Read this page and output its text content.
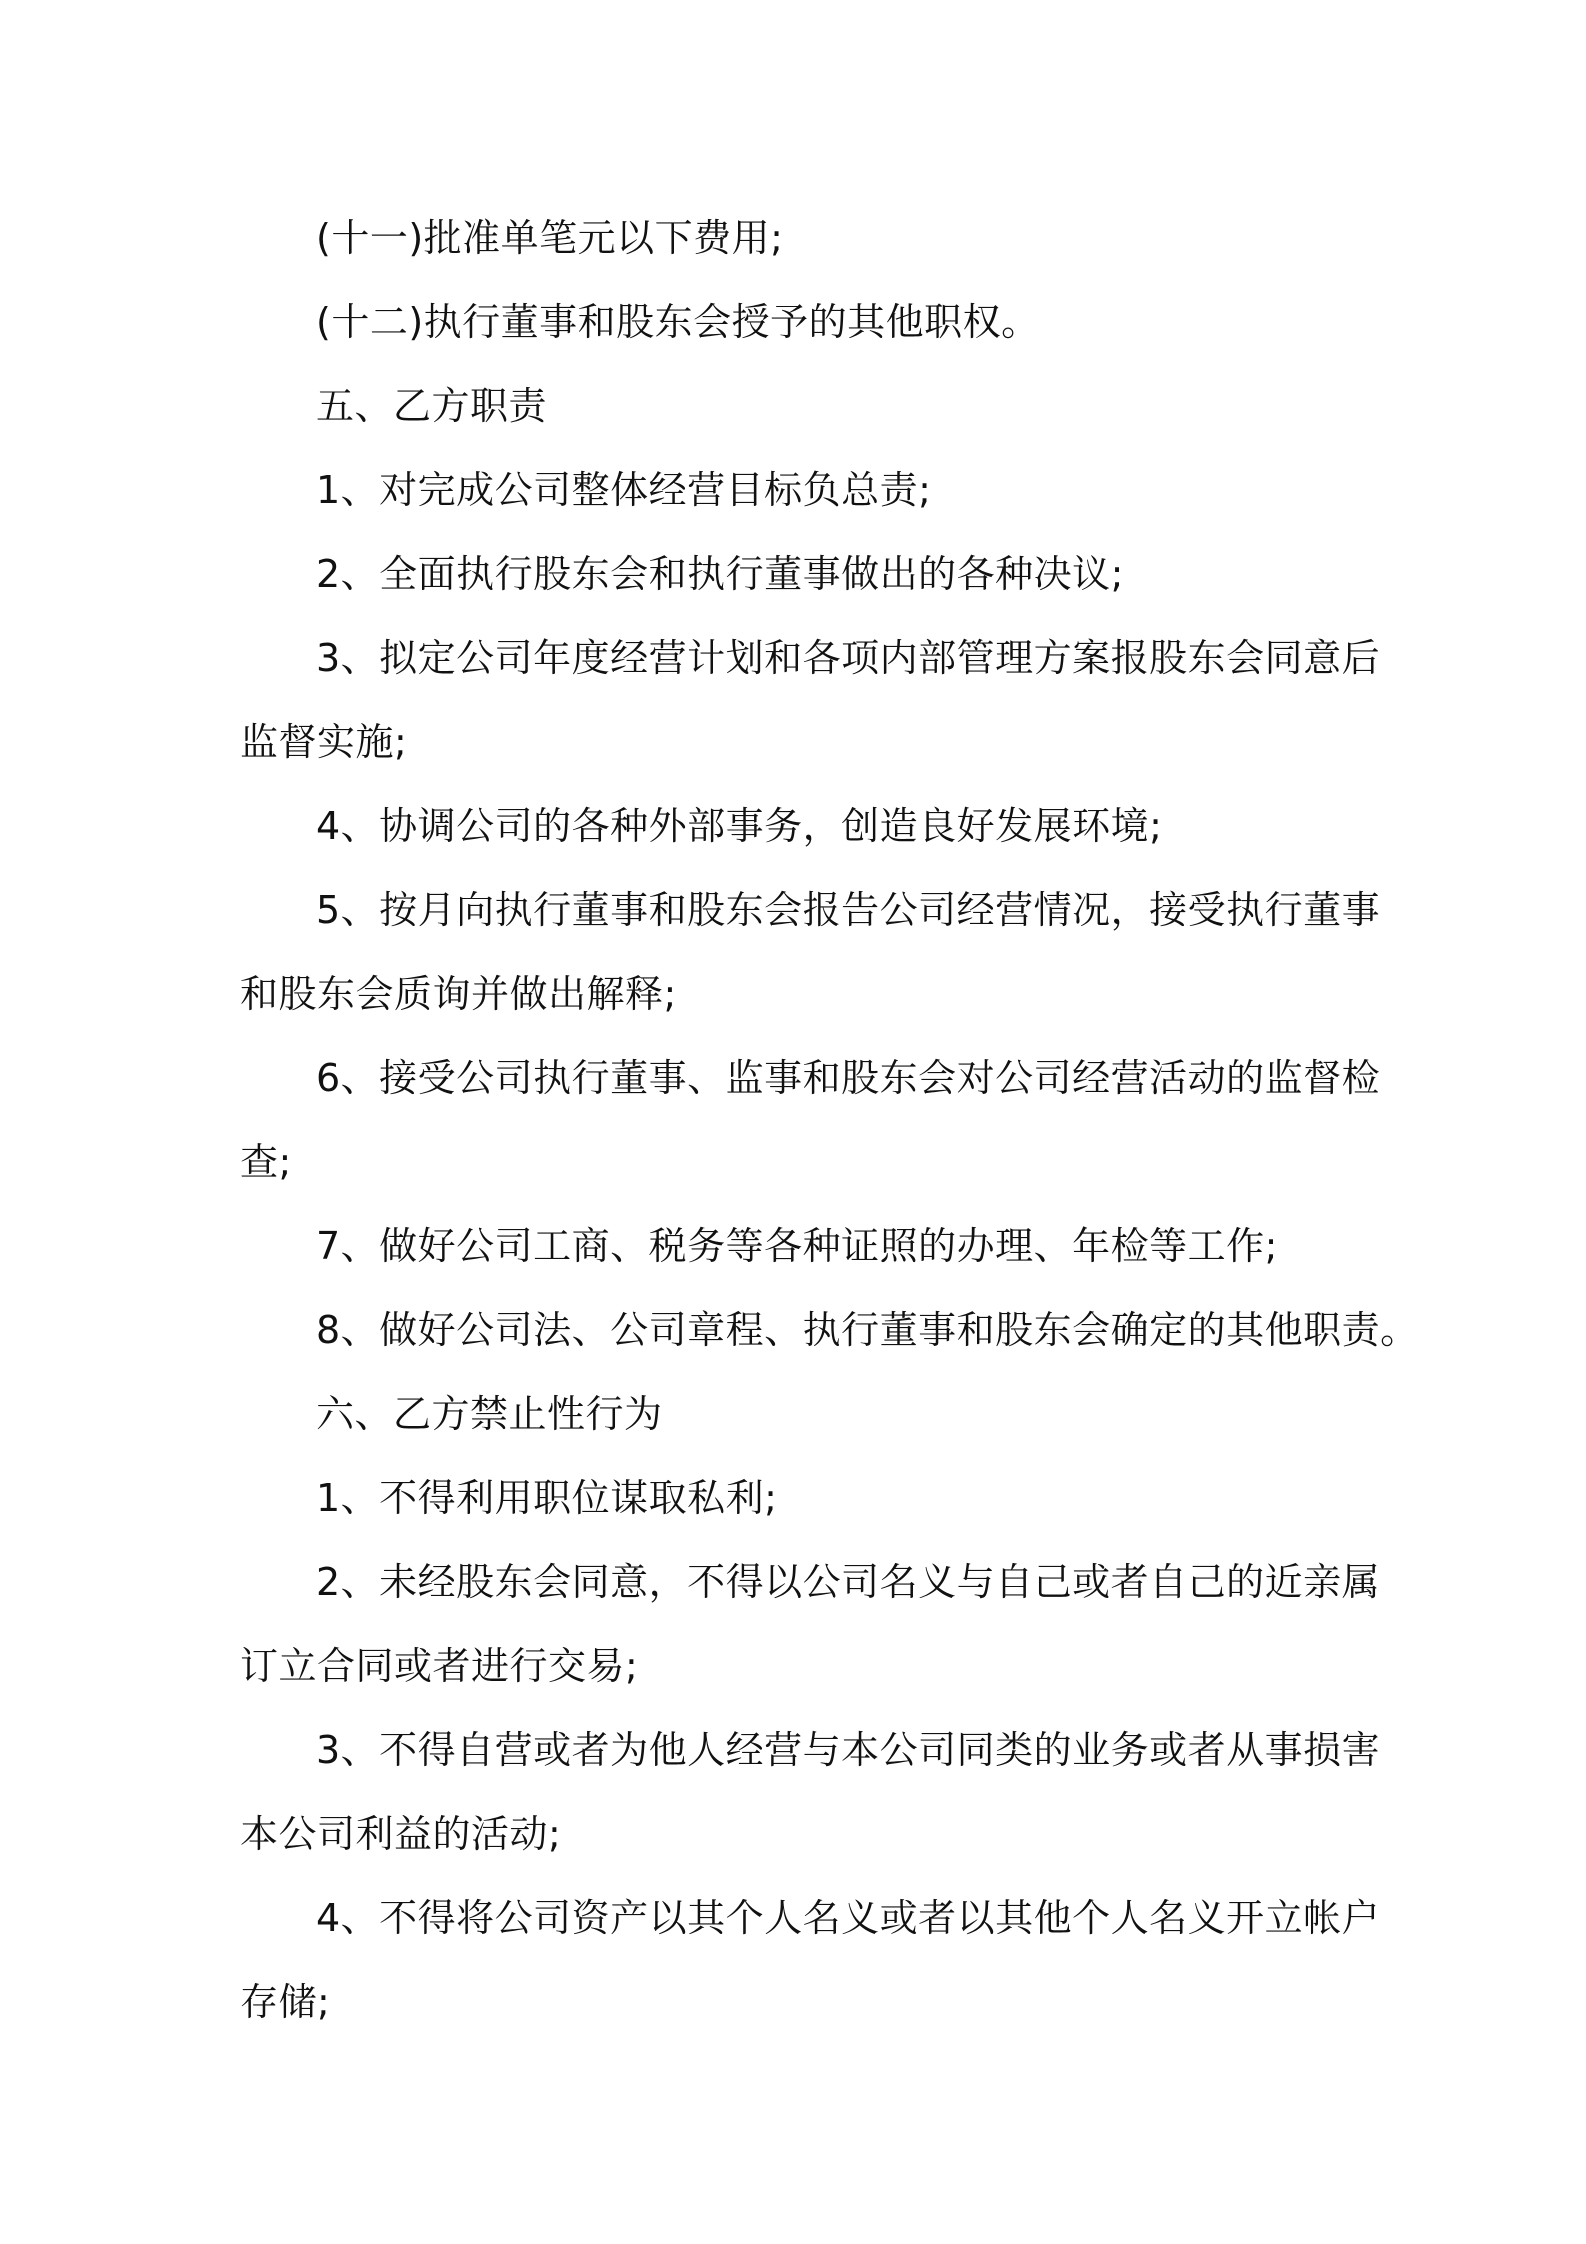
(十一)批准单笔元以下费用;

(十二)执行董事和股东会授予的其他职权。

五、乙方职责

1、对完成公司整体经营目标负总责;

2、全面执行股东会和执行董事做出的各种决议;

3、拟定公司年度经营计划和各项内部管理方案报股东会同意后

监督实施;

4、协调公司的各种外部事务，创造良好发展环境;

5、按月向执行董事和股东会报告公司经营情况，接受执行董事

和股东会质询并做出解释;

6、接受公司执行董事、监事和股东会对公司经营活动的监督检

查;

7、做好公司工商、税务等各种证照的办理、年检等工作;

8、做好公司法、公司章程、执行董事和股东会确定的其他职责。

六、乙方禁止性行为

1、不得利用职位谋取私利;

2、未经股东会同意，不得以公司名义与自己或者自己的近亲属

订立合同或者进行交易;

3、不得自营或者为他人经营与本公司同类的业务或者从事损害

本公司利益的活动;

4、不得将公司资产以其个人名义或者以其他个人名义开立帐户

存储;
